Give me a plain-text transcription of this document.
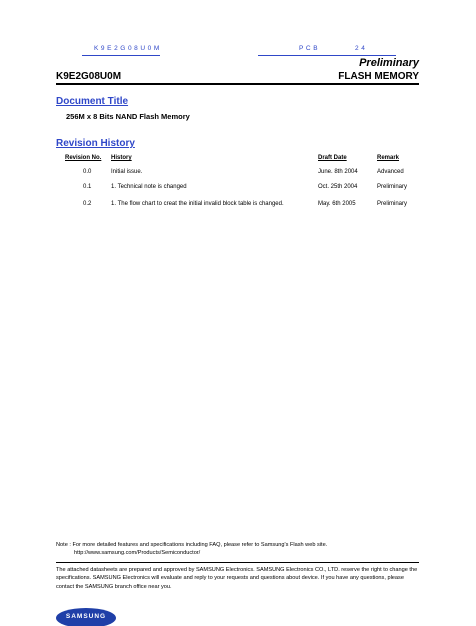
K9E2G08U0M	PCB	24
Preliminary
K9E2G08U0M	FLASH MEMORY
Document Title
256M x 8 Bits NAND Flash Memory
Revision History
Revision No. History	Draft Date	Remark
0.0	Initial issue.	June. 8th 2004	Advanced
0.1	1. Technical note is changed	Oct. 25th 2004	Preliminary
0.2	1. The flow chart to creat the initial invalid block table is changed.	May. 6th 2005	Preliminary
Note : For more detailed features and specifications including FAQ, please refer to Samsung's Flash web site.
http://www.samsung.com/Products/Semiconductor/
The attached datasheets are prepared and approved by SAMSUNG Electronics. SAMSUNG Electronics CO., LTD. reserve the right to change the specifications. SAMSUNG Electronics will evaluate and reply to your requests and questions about device. If you have any questions, please contact the SAMSUNG branch office near you.
SAMSUNG
